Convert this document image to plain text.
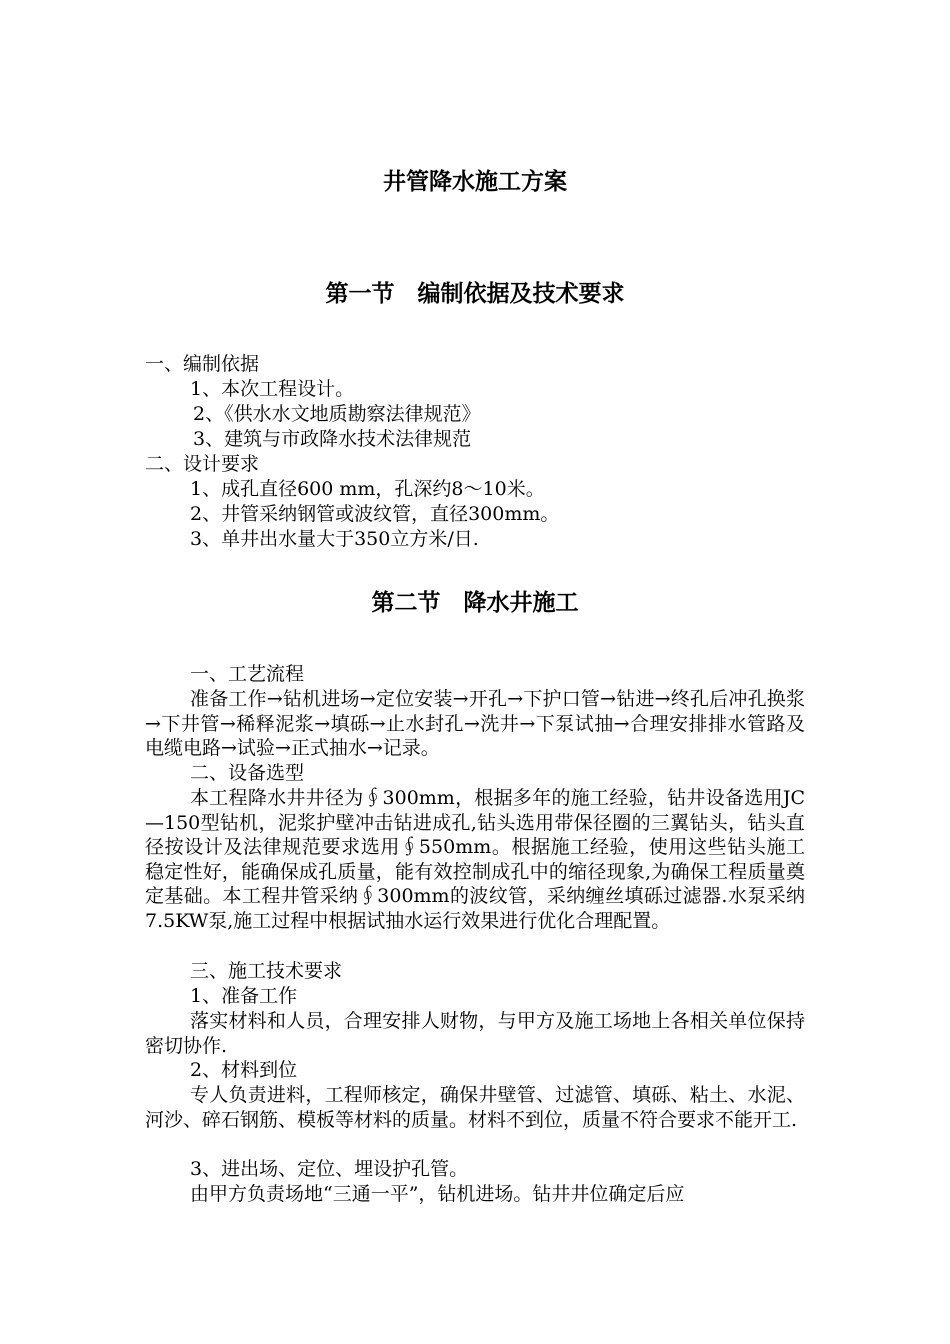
井管降水施工方案
第一节　编制依据及技术要求
一、编制依据
1、本次工程设计。
2、《供水水文地质勘察法律规范》
3、建筑与市政降水技术法律规范
二、设计要求
1、成孔直径600 mm，孔深约8～10米。
2、井管采纳钢管或波纹管，直径300mm。
3、单井出水量大于350立方米/日.
第二节　降水井施工
一、工艺流程
准备工作→钻机进场→定位安装→开孔→下护口管→钻进→终孔后冲孔换浆→下井管→稀释泥浆→填砾→止水封孔→洗井→下泵试抽→合理安排排水管路及电缆电路→试验→正式抽水→记录。
二、设备选型
本工程降水井井径为∮300mm，根据多年的施工经验，钻井设备选用JC—150型钻机，泥浆护壁冲击钻进成孔,钻头选用带保径圈的三翼钻头，钻头直径按设计及法律规范要求选用∮550mm。根据施工经验，使用这些钻头施工稳定性好，能确保成孔质量，能有效控制成孔中的缩径现象,为确保工程质量奠定基础。本工程井管采纳∮300mm的波纹管，采纳缠丝填砾过滤器.水泵采纳7.5KW泵,施工过程中根据试抽水运行效果进行优化合理配置。
三、施工技术要求
1、准备工作
落实材料和人员，合理安排人财物，与甲方及施工场地上各相关单位保持密切协作.
2、材料到位
专人负责进料，工程师核定，确保井壁管、过滤管、填砾、粘土、水泥、河沙、碎石钢筋、模板等材料的质量。材料不到位，质量不符合要求不能开工.
3、进出场、定位、埋设护孔管。
由甲方负责场地“三通一平”，钻机进场。钻井井位确定后应
